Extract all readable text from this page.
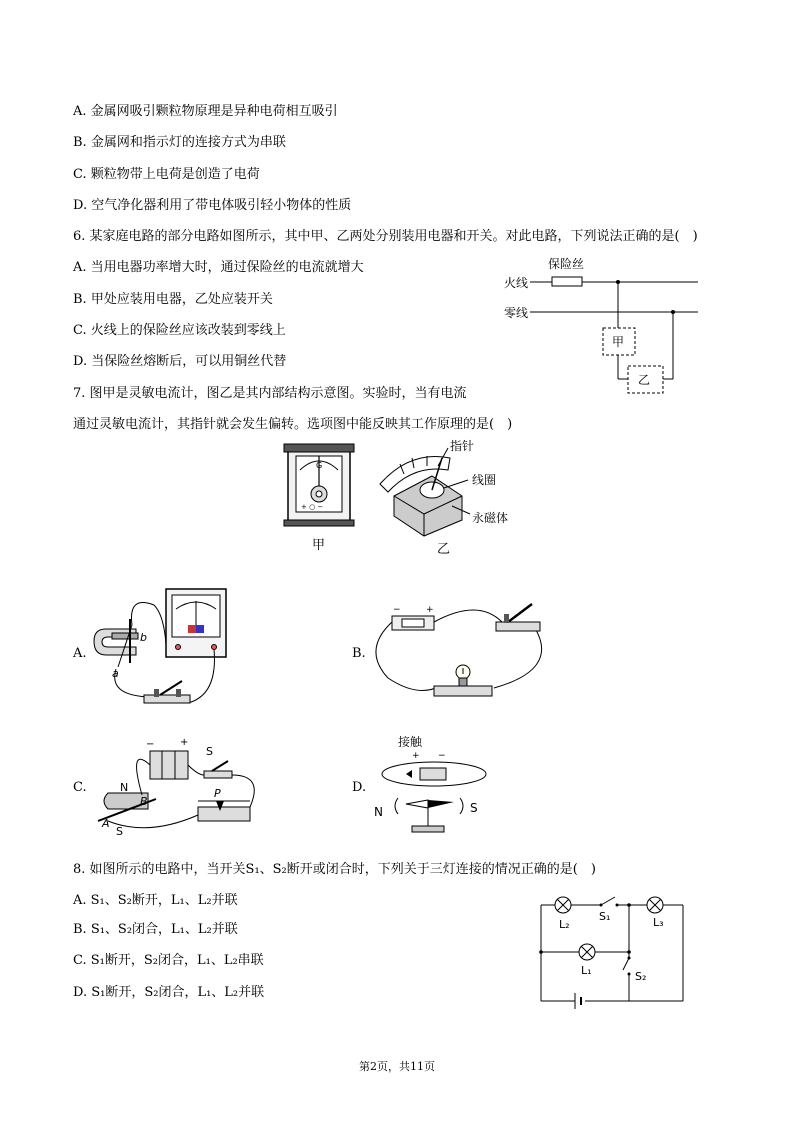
A. 金属网吸引颗粒物原理是异种电荷相互吸引
B. 金属网和指示灯的连接方式为串联
C. 颗粒物带上电荷是创造了电荷
D. 空气净化器利用了带电体吸引轻小物体的性质
6. 某家庭电路的部分电路如图所示，其中甲、乙两处分别装用电器和开关。对此电路，下列说法正确的是(　)
A. 当用电器功率增大时，通过保险丝的电流就增大
B. 甲处应装用电器，乙处应装开关
C. 火线上的保险丝应该改装到零线上
D. 当保险丝熔断后，可以用铜丝代替
保险丝
火线
零线
甲
乙
7. 图甲是灵敏电流计，图乙是其内部结构示意图。实验时，当有电流
通过灵敏电流计，其指针就会发生偏转。选项图中能反映其工作原理的是(　)
+ ○ −
G
甲
指针
线圈
永磁体
乙
A.
b
a
B.
−	+
C.
−	+
S
P
N
B
A
S
D.
接触
+ −
N	S
8. 如图所示的电路中，当开关S₁、S₂断开或闭合时，下列关于三灯连接的情况正确的是(　)
A. S₁、S₂断开，L₁、L₂并联
B. S₁、S₂闭合，L₁、L₂并联
C. S₁断开，S₂闭合，L₁、L₂串联
D. S₁断开，S₂闭合，L₁、L₂并联
L₂
S₁	L₃
S₂
L₁
第2页，共11页
